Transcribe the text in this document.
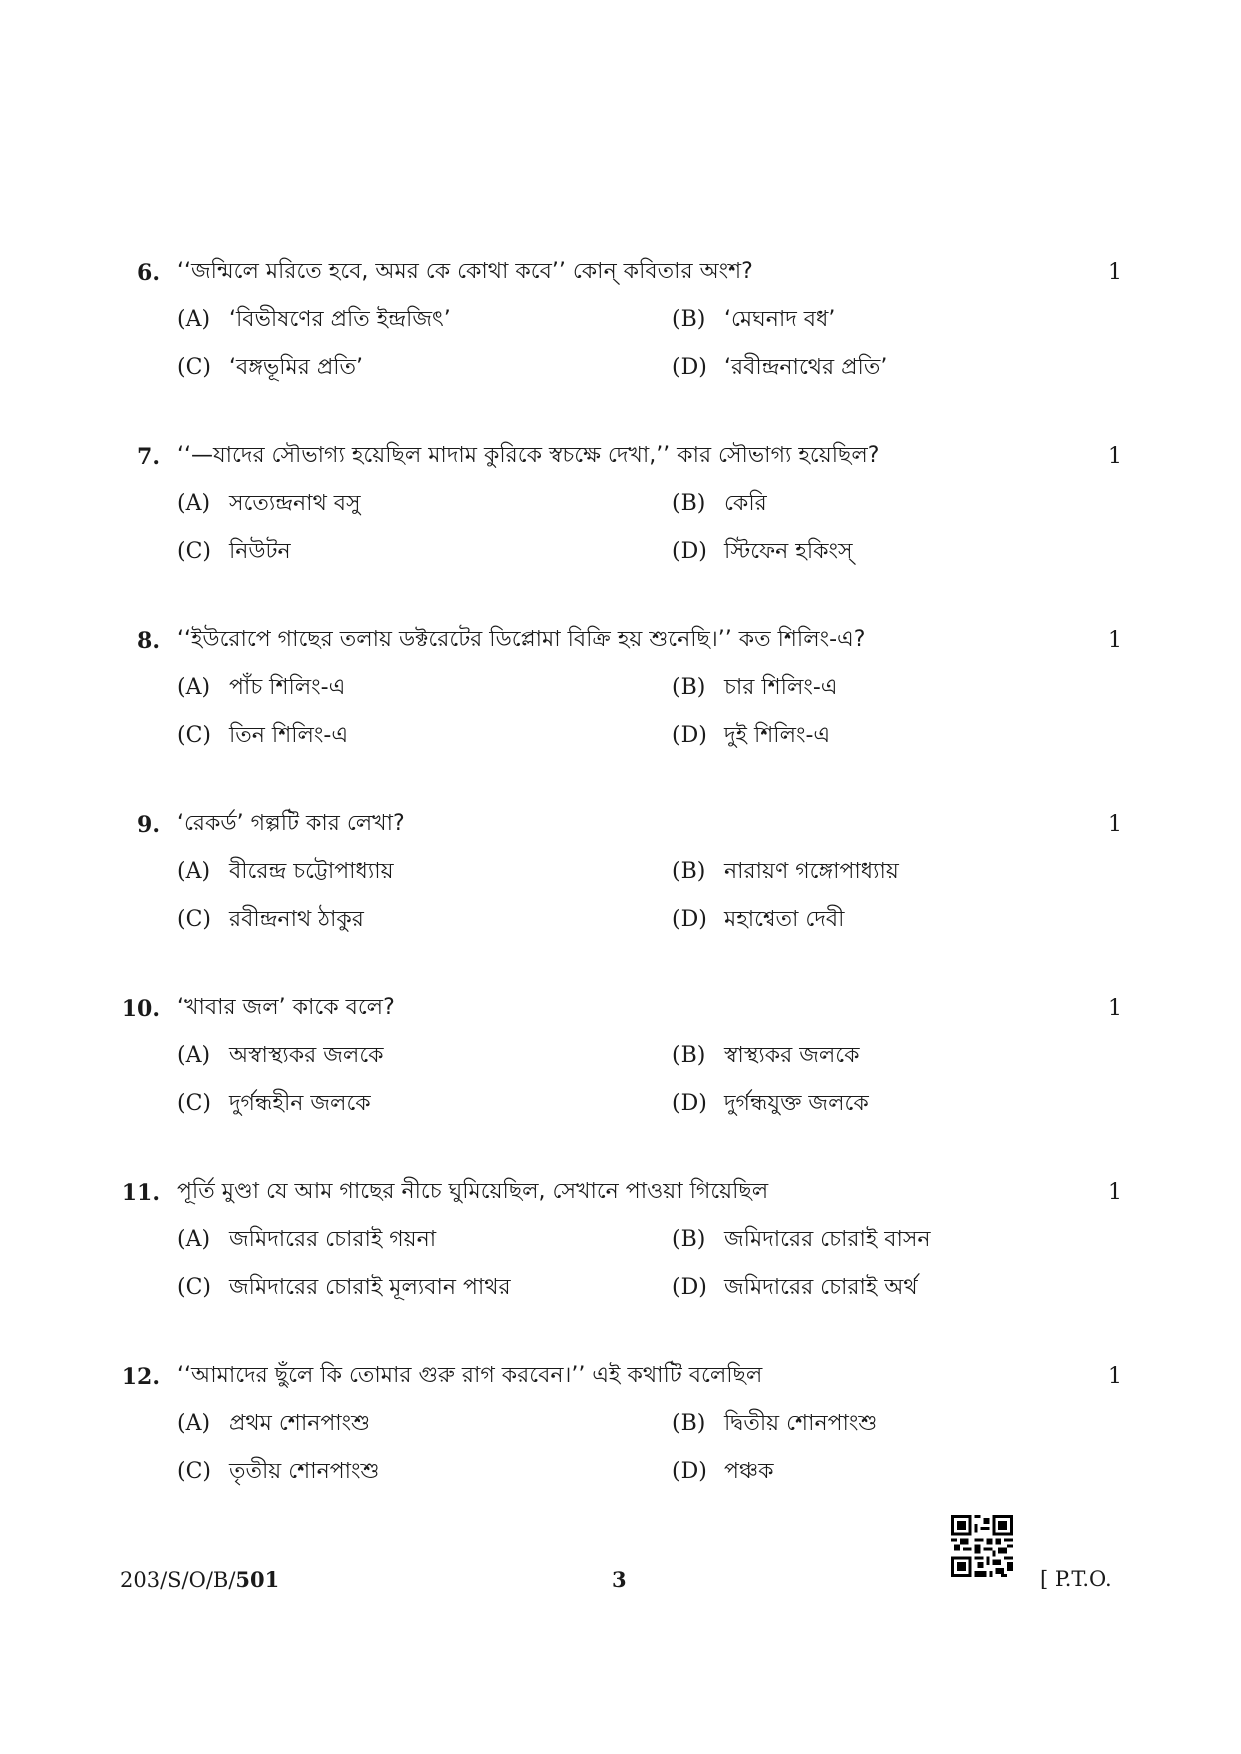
6. ‘‘জন্মিলে মরিতে হবে, অমর কে কোথা কবে’’ কোন্ কবিতার অংশ?	1
(A) ‘বিভীষণের প্রতি ইন্দ্রজিৎ’	(B) ‘মেঘনাদ বধ’
(C) ‘বঙ্গভূমির প্রতি’	(D) ‘রবীন্দ্রনাথের প্রতি’
7. ‘‘—যাদের সৌভাগ্য হয়েছিল মাদাম কুরিকে স্বচক্ষে দেখা,’’ কার সৌভাগ্য হয়েছিল?	1
(A) সত্যেন্দ্রনাথ বসু	(B) কেরি
(C) নিউটন	(D) স্টিফেন হকিংস্
8. ‘‘ইউরোপে গাছের তলায় ডক্টরেটের ডিপ্লোমা বিক্রি হয় শুনেছি।’’ কত শিলিং-এ?	1
(A) পাঁচ শিলিং-এ	(B) চার শিলিং-এ
(C) তিন শিলিং-এ	(D) দুই শিলিং-এ
9. ‘রেকর্ড’ গল্পটি কার লেখা?	1
(A) বীরেন্দ্র চট্টোপাধ্যায়	(B) নারায়ণ গঙ্গোপাধ্যায়
(C) রবীন্দ্রনাথ ঠাকুর	(D) মহাশ্বেতা দেবী
10. ‘খাবার জল’ কাকে বলে?	1
(A) অস্বাস্থ্যকর জলকে	(B) স্বাস্থ্যকর জলকে
(C) দুর্গন্ধহীন জলকে	(D) দুর্গন্ধযুক্ত জলকে
11. পূর্তি মুণ্ডা যে আম গাছের নীচে ঘুমিয়েছিল, সেখানে পাওয়া গিয়েছিল	1
(A) জমিদারের চোরাই গয়না	(B) জমিদারের চোরাই বাসন
(C) জমিদারের চোরাই মূল্যবান পাথর	(D) জমিদারের চোরাই অর্থ
12. ‘‘আমাদের ছুঁলে কি তোমার গুরু রাগ করবেন।’’ এই কথাটি বলেছিল	1
(A) প্রথম শোনপাংশু	(B) দ্বিতীয় শোনপাংশু
(C) তৃতীয় শোনপাংশু	(D) পঞ্চক
203/S/O/B/501	3	[ P.T.O.
